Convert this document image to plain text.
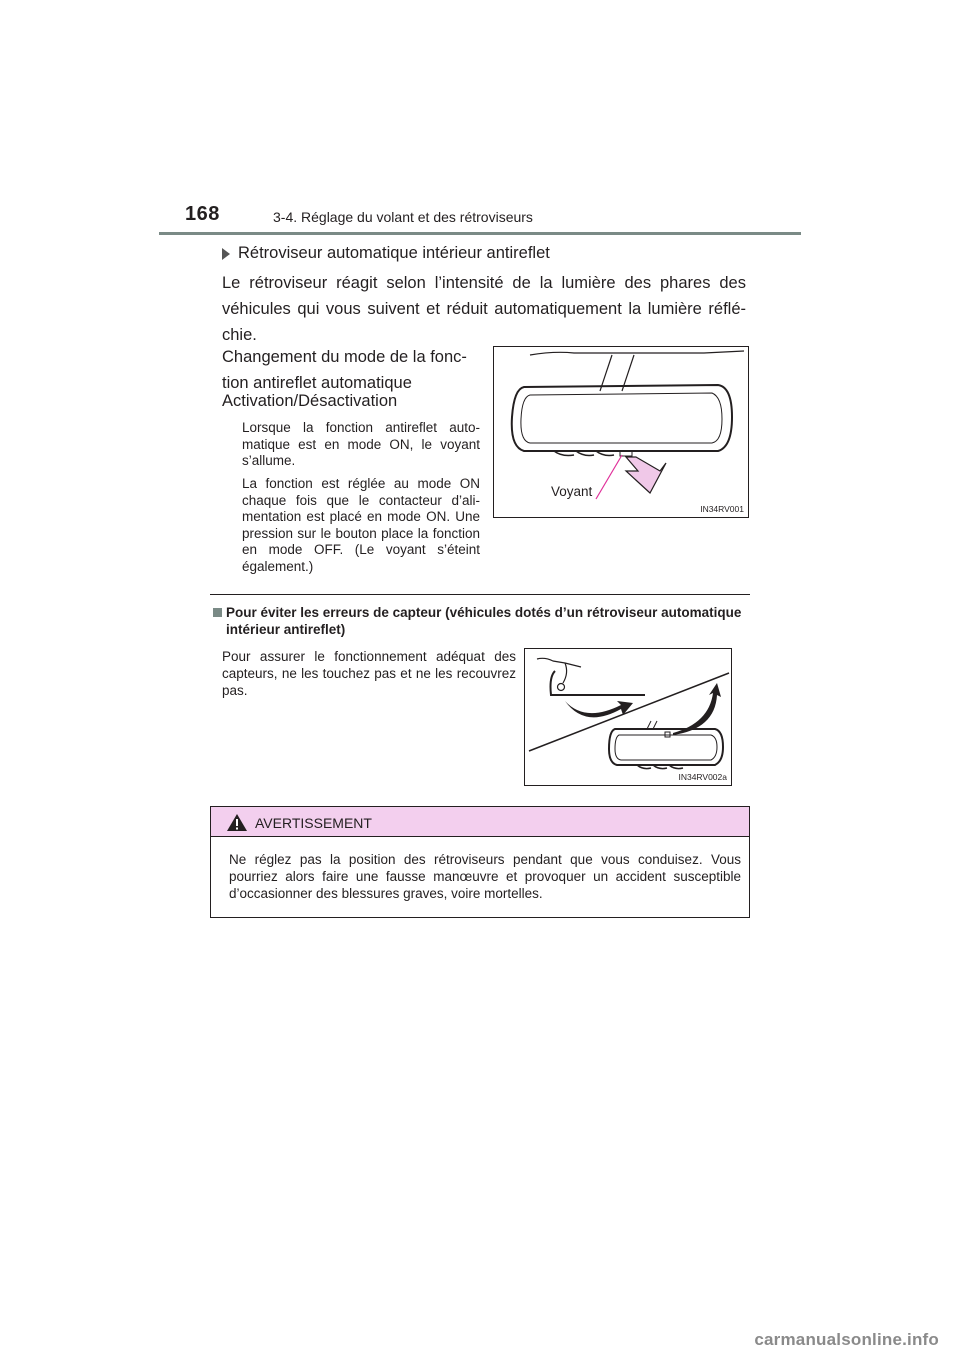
168	3-4. Réglage du volant et des rétroviseurs
Rétroviseur automatique intérieur antireflet
Le rétroviseur réagit selon l’intensité de la lumière des phares des véhicules qui vous suivent et réduit automatiquement la lumière réflé-chie.
Changement du mode de la fonc-tion antireflet automatique
Activation/Désactivation
Lorsque la fonction antireflet auto-matique est en mode ON, le voyant s’allume.
La fonction est réglée au mode ON chaque fois que le contacteur d’ali-mentation est placé en mode ON. Une pression sur le bouton place la fonction en mode OFF. (Le voyant s’éteint également.)
Voyant
IN34RV001
Pour éviter les erreurs de capteur (véhicules dotés d’un rétroviseur automatique intérieur antireflet)
Pour assurer le fonctionnement adéquat des capteurs, ne les touchez pas et ne les recouvrez pas.
IN34RV002a
AVERTISSEMENT
Ne réglez pas la position des rétroviseurs pendant que vous conduisez. Vous pourriez alors faire une fausse manœuvre et provoquer un accident susceptible d’occasionner des blessures graves, voire mortelles.
carmanualsonline.info
